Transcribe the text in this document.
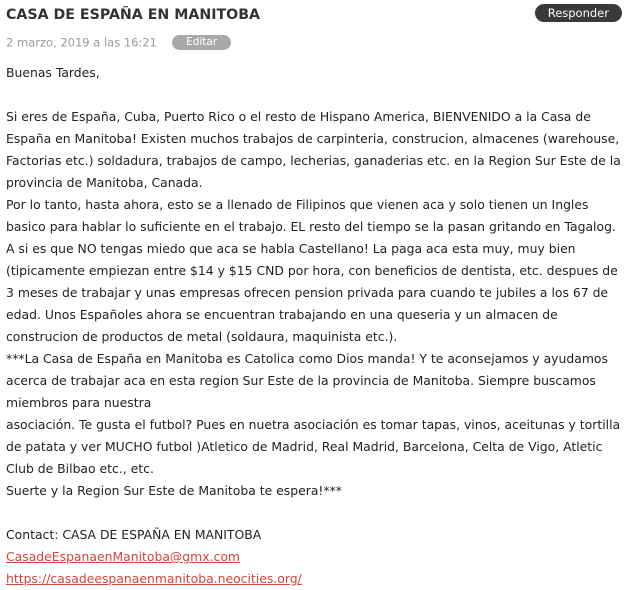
CASA DE ESPAÑA EN MANITOBA	Responder
2 marzo, 2019 a las 16:21	Editar

Buenas Tardes,

Si eres de España, Cuba, Puerto Rico o el resto de Hispano America, BIENVENIDO a la Casa de España en Manitoba! Existen muchos trabajos de carpinteria, construcion, almacenes (warehouse, Factorias etc.) soldadura, trabajos de campo, lecherias, ganaderias etc. en la Region Sur Este de la provincia de Manitoba, Canada.

Por lo tanto, hasta ahora, esto se a llenado de Filipinos que vienen aca y solo tienen un Ingles basico para hablar lo suficiente en el trabajo. EL resto del tiempo se la pasan gritando en Tagalog. A si es que NO tengas miedo que aca se habla Castellano! La paga aca esta muy, muy bien (tipicamente empiezan entre $14 y $15 CND por hora, con beneficios de dentista, etc. despues de 3 meses de trabajar y unas empresas ofrecen pension privada para cuando te jubiles a los 67 de edad. Unos Españoles ahora se encuentran trabajando en una queseria y un almacen de construcion de productos de metal (soldaura, maquinista etc.).

***La Casa de España en Manitoba es Catolica como Dios manda! Y te aconsejamos y ayudamos acerca de trabajar aca en esta region Sur Este de la provincia de Manitoba. Siempre buscamos miembros para nuestra

asociación. Te gusta el futbol? Pues en nuetra asociación es tomar tapas, vinos, aceitunas y tortilla de patata y ver MUCHO futbol )Atletico de Madrid, Real Madrid, Barcelona, Celta de Vigo, Atletic Club de Bilbao etc., etc.

Suerte y la Region Sur Este de Manitoba te espera!***

Contact: CASA DE ESPAÑA EN MANITOBA

CasadeEspanaenManitoba@gmx.com

https://casadeespanaenmanitoba.neocities.org/
